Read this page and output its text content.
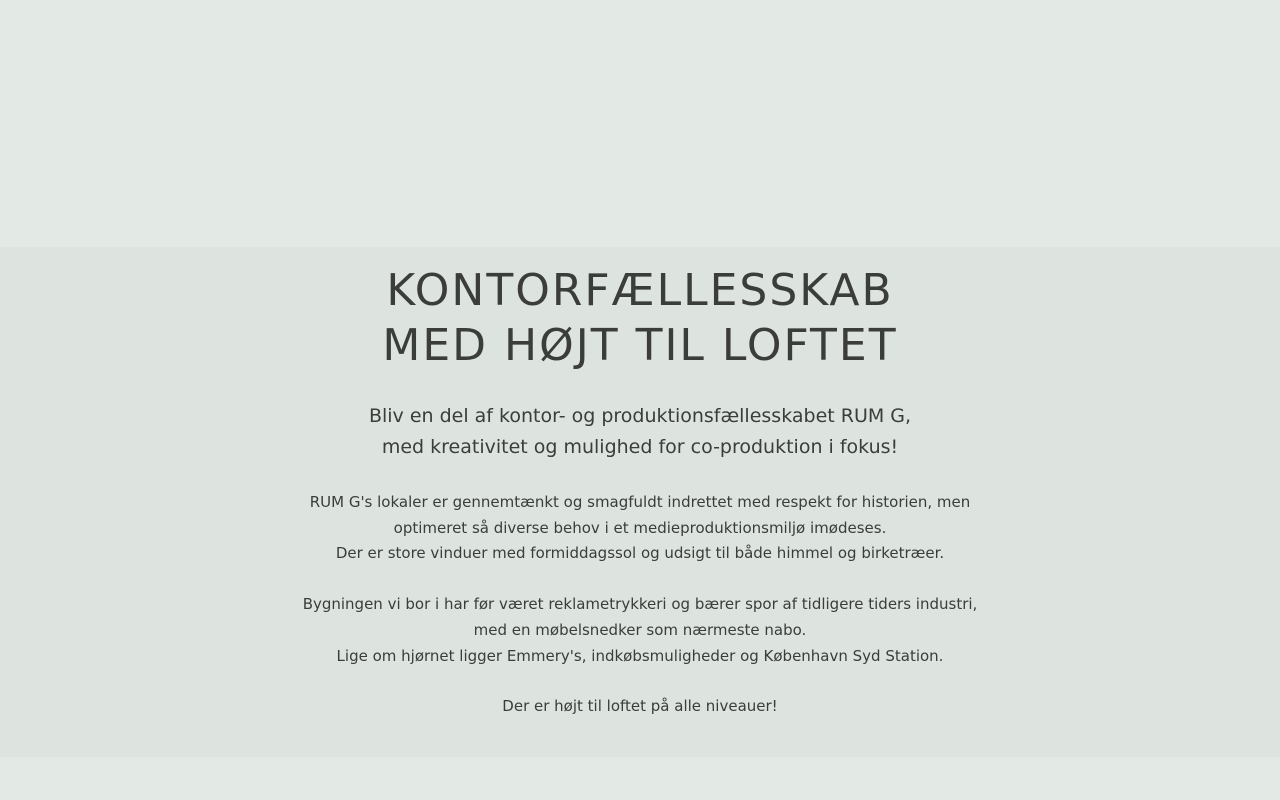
KONTORFÆLLESSKAB
MED HØJT TIL LOFTET

Bliv en del af kontor- og produktionsfællesskabet RUM G,
med kreativitet og mulighed for co-produktion i fokus!

RUM G's lokaler er gennemtænkt og smagfuldt indrettet med respekt for historien, men
optimeret så diverse behov i et medieproduktionsmiljø imødeses.
Der er store vinduer med formiddagssol og udsigt til både himmel og birketræer.

Bygningen vi bor i har før været reklametrykkeri og bærer spor af tidligere tiders industri,
med en møbelsnedker som nærmeste nabo.
Lige om hjørnet ligger Emmery's, indkøbsmuligheder og København Syd Station.

Der er højt til loftet på alle niveauer!
